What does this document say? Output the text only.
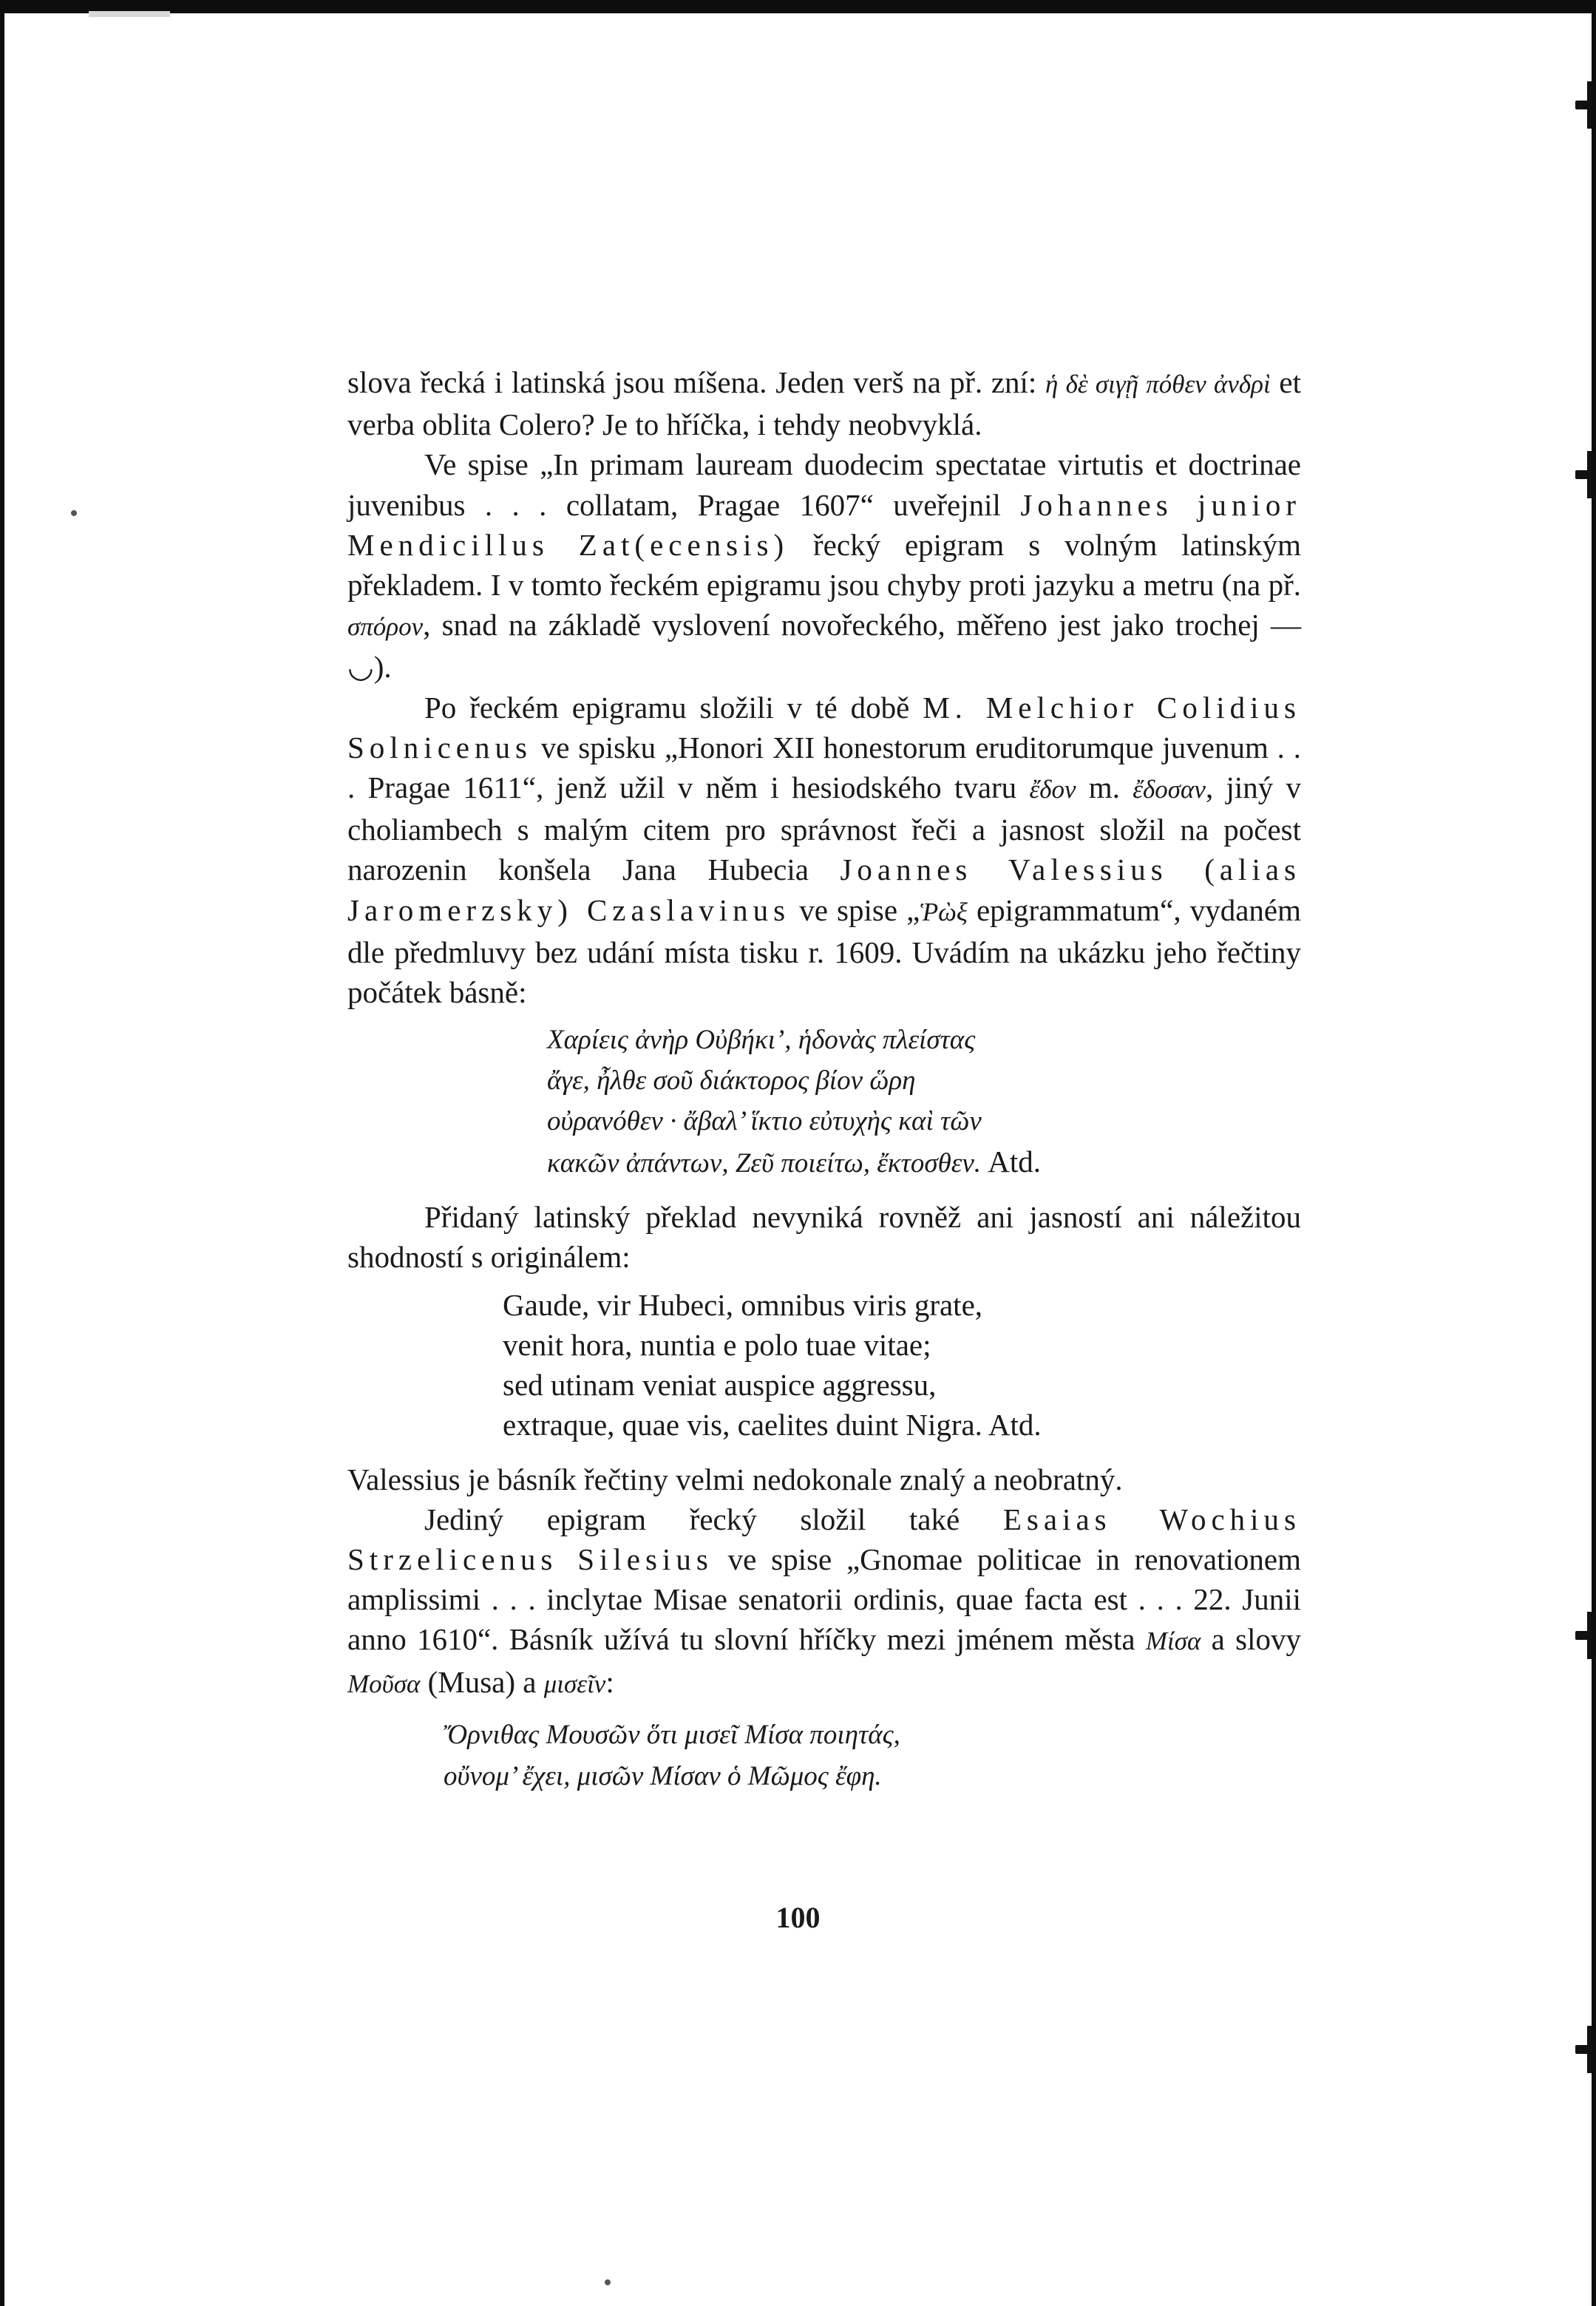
slova řecká i latinská jsou míšena. Jeden verš na př. zní: ἡ δὲ σιγῇ πόθεν ἀνδρὶ et verba oblita Colero? Je to hříčka, i tehdy neobvyklá.

Ve spise „In primam lauream duodecim spectatae virtutis et doctrinae juvenibus . . . collatam, Pragae 1607“ uveřejnil Johannes junior Mendicillus Zat(ecensis) řecký epigram s volným latinským překladem. I v tomto řeckém epigramu jsou chyby proti jazyku a metru (na př. σπόρον, snad na základě vyslovení novořeckého, měřeno jest jako trochej — ◡).

Po řeckém epigramu složili v té době M. Melchior Colidius Solnicenus ve spisku „Honori XII honestorum eruditorumque juvenum . . . Pragae 1611“, jenž užil v něm i hesiodského tvaru ἔδον m. ἔδοσαν, jiný v choliambech s malým citem pro správnost řeči a jasnost složil na počest narozenin konšela Jana Hubecia Joannes Valessius (alias Jaromerzsky) Czaslavinus ve spise „Ῥὼξ epigrammatum“, vydaném dle předmluvy bez udání místa tisku r. 1609. Uvádím na ukázku jeho řečtiny počátek básně:

Χαρίεις ἀνὴρ Οὐβήκι’, ἡδονὰς πλείστας
ἄγε, ἦλθε σοῦ διάκτορος βίον ὥρη
οὐρανόθεν · ἄβαλ’ ἵκτιο εὐτυχὴς καὶ τῶν
κακῶν ἀπάντων, Ζεῦ ποιείτω, ἔκτοσθεν. Atd.

Přidaný latinský překlad nevyniká rovněž ani jasností ani náležitou shodností s originálem:

Gaude, vir Hubeci, omnibus viris grate,
venit hora, nuntia e polo tuae vitae;
sed utinam veniat auspice aggressu,
extraque, quae vis, caelites duint Nigra. Atd.

Valessius je básník řečtiny velmi nedokonale znalý a neobratný.

Jediný epigram řecký složil také Esaias Wochius Strzelicenus Silesius ve spise „Gnomae politicae in renovationem amplissimi . . . inclytae Misae senatorii ordinis, quae facta est . . . 22. Junii anno 1610“. Básník užívá tu slovní hříčky mezi jménem města Μίσα a slovy Μοῦσα (Musa) a μισεῖν:

Ὄρνιθας Μουσῶν ὅτι μισεῖ Μίσα ποιητάς,
οὔνομ’ ἔχει, μισῶν Μίσαν ὁ Μῶμος ἔφη.
100
